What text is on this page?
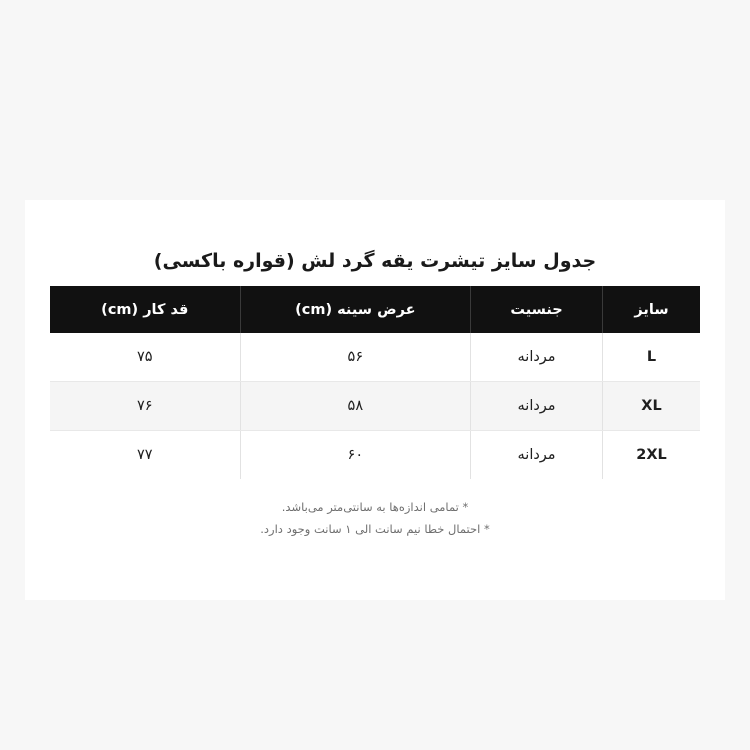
جدول سایز تیشرت یقه گرد لش (قواره باکسی)
سایز	جنسیت	عرض سینه (cm)	قد کار (cm)
L	مردانه	۵۶	۷۵
XL	مردانه	۵۸	۷۶
2XL	مردانه	۶۰	۷۷
* تمامی اندازه‌ها به سانتی‌متر می‌باشد.
* احتمال خطا نیم سانت الی ۱ سانت وجود دارد.
